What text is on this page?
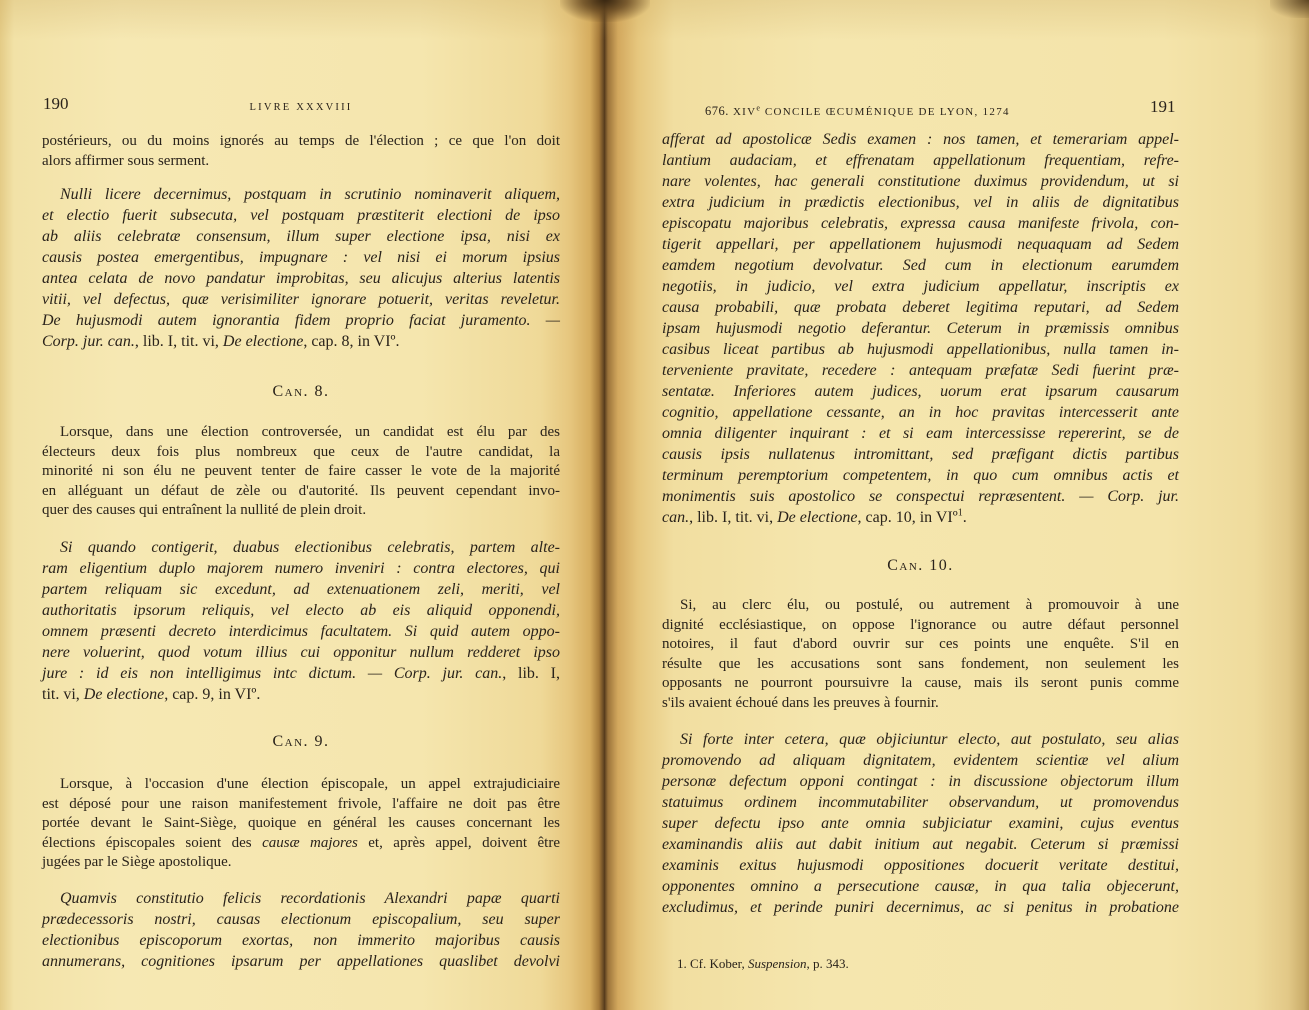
190	LIVRE XXXVIII
postérieurs, ou du moins ignorés au temps de l'élection ; ce que l'on doit
alors affirmer sous serment.
Nulli licere decernimus, postquam in scrutinio nominaverit aliquem,
et electio fuerit subsecuta, vel postquam præstiterit electioni de ipso
ab aliis celebratæ consensum, illum super electione ipsa, nisi ex
causis postea emergentibus, impugnare : vel nisi ei morum ipsius
antea celata de novo pandatur improbitas, seu alicujus alterius latentis
vitii, vel defectus, quæ verisimiliter ignorare potuerit, veritas reveletur.
De hujusmodi autem ignorantia fidem proprio faciat juramento. —
Corp. jur. can., lib. I, tit. vi, De electione, cap. 8, in VIº.
Can. 8.
Lorsque, dans une élection controversée, un candidat est élu par des
électeurs deux fois plus nombreux que ceux de l'autre candidat, la
minorité ni son élu ne peuvent tenter de faire casser le vote de la majorité
en alléguant un défaut de zèle ou d'autorité. Ils peuvent cependant invo-
quer des causes qui entraînent la nullité de plein droit.
Si quando contigerit, duabus electionibus celebratis, partem alte-
ram eligentium duplo majorem numero inveniri : contra electores, qui
partem reliquam sic excedunt, ad extenuationem zeli, meriti, vel
authoritatis ipsorum reliquis, vel electo ab eis aliquid opponendi,
omnem præsenti decreto interdicimus facultatem. Si quid autem oppo-
nere voluerint, quod votum illius cui opponitur nullum redderet ipso
jure : id eis non intelligimus intc dictum. — Corp. jur. can., lib. I,
tit. vi, De electione, cap. 9, in VIº.
Can. 9.
Lorsque, à l'occasion d'une élection épiscopale, un appel extrajudiciaire
est déposé pour une raison manifestement frivole, l'affaire ne doit pas être
portée devant le Saint-Siège, quoique en général les causes concernant les
élections épiscopales soient des causæ majores et, après appel, doivent être
jugées par le Siège apostolique.
Quamvis constitutio felicis recordationis Alexandri papæ quarti
prædecessoris nostri, causas electionum episcopalium, seu super
electionibus episcoporum exortas, non immerito majoribus causis
annumerans, cognitiones ipsarum per appellationes quaslibet devolvi
676. XIVe CONCILE ŒCUMÉNIQUE DE LYON, 1274	191
afferat ad apostolicæ Sedis examen : nos tamen, et temerariam appel-
lantium audaciam, et effrenatam appellationum frequentiam, refre-
nare volentes, hac generali constitutione duximus providendum, ut si
extra judicium in prædictis electionibus, vel in aliis de dignitatibus
episcopatu majoribus celebratis, expressa causa manifeste frivola, con-
tigerit appellari, per appellationem hujusmodi nequaquam ad Sedem
eamdem negotium devolvatur. Sed cum in electionum earumdem
negotiis, in judicio, vel extra judicium appellatur, inscriptis ex
causa probabili, quæ probata deberet legitima reputari, ad Sedem
ipsam hujusmodi negotio deferantur. Ceterum in præmissis omnibus
casibus liceat partibus ab hujusmodi appellationibus, nulla tamen in-
terveniente pravitate, recedere : antequam præfatæ Sedi fuerint præ-
sentatæ. Inferiores autem judices, uorum erat ipsarum causarum
cognitio, appellatione cessante, an in hoc pravitas intercesserit ante
omnia diligenter inquirant : et si eam intercessisse repererint, se de
causis ipsis nullatenus intromittant, sed præfigant dictis partibus
terminum peremptorium competentem, in quo cum omnibus actis et
monimentis suis apostolico se conspectui repræsentent. — Corp. jur.
can., lib. I, tit. vi, De electione, cap. 10, in VIº$^1$.
Can. 10.
Si, au clerc élu, ou postulé, ou autrement à promouvoir à une
dignité ecclésiastique, on oppose l'ignorance ou autre défaut personnel
notoires, il faut d'abord ouvrir sur ces points une enquête. S'il en
résulte que les accusations sont sans fondement, non seulement les
opposants ne pourront poursuivre la cause, mais ils seront punis comme
s'ils avaient échoué dans les preuves à fournir.
Si forte inter cetera, quæ objiciuntur electo, aut postulato, seu alias
promovendo ad aliquam dignitatem, evidentem scientiæ vel alium
personæ defectum opponi contingat : in discussione objectorum illum
statuimus ordinem incommutabiliter observandum, ut promovendus
super defectu ipso ante omnia subjiciatur examini, cujus eventus
examinandis aliis aut dabit initium aut negabit. Ceterum si præmissi
examinis exitus hujusmodi oppositiones docuerit veritate destitui,
opponentes omnino a persecutione causæ, in qua talia objecerunt,
excludimus, et perinde puniri decernimus, ac si penitus in probatione
1. Cf. Kober, Suspension, p. 343.
